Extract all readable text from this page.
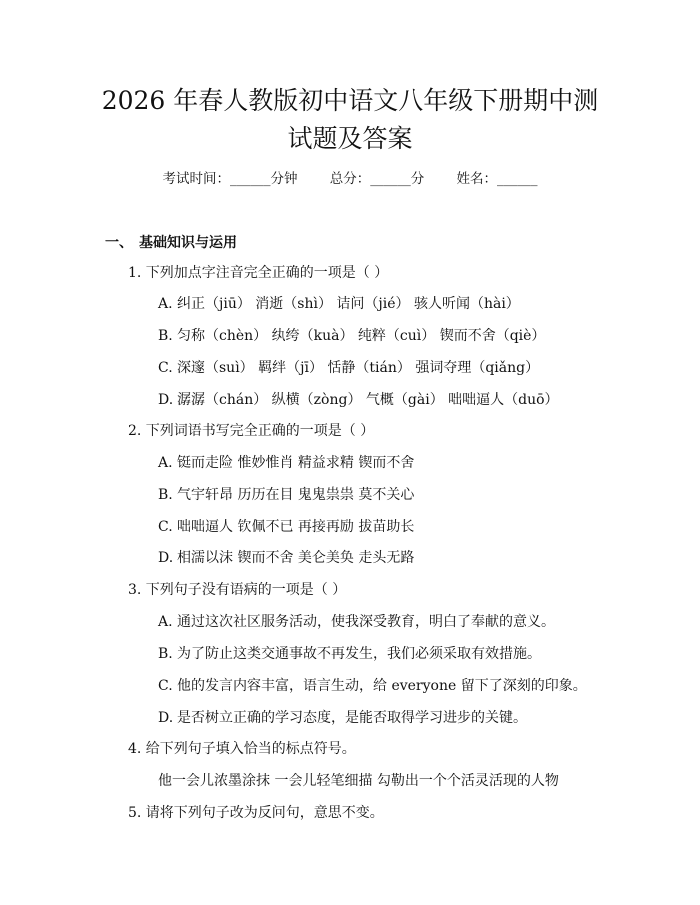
2026 年春人教版初中语文八年级下册期中测
试题及答案
考试时间：______分钟 总分：______分 姓名：______
一、 基础知识与运用
1. 下列加点字注音完全正确的一项是（ ）
A. 纠正（jiū） 消逝（shì） 诘问（jié） 骇人听闻（hài）
B. 匀称（chèn） 纨绔（kuà） 纯粹（cuì） 锲而不舍（qiè）
C. 深邃（suì） 羁绊（jī） 恬静（tián） 强词夺理（qiǎng）
D. 潺潺（chán） 纵横（zòng） 气概（gài） 咄咄逼人（duō）
2. 下列词语书写完全正确的一项是（ ）
A. 铤而走险 惟妙惟肖 精益求精 锲而不舍
B. 气宇轩昂 历历在目 鬼鬼祟祟 莫不关心
C. 咄咄逼人 钦佩不已 再接再励 拔苗助长
D. 相濡以沫 锲而不舍 美仑美奂 走头无路
3. 下列句子没有语病的一项是（ ）
A. 通过这次社区服务活动，使我深受教育，明白了奉献的意义。
B. 为了防止这类交通事故不再发生，我们必须采取有效措施。
C. 他的发言内容丰富，语言生动，给 everyone 留下了深刻的印象。
D. 是否树立正确的学习态度，是能否取得学习进步的关键。
4. 给下列句子填入恰当的标点符号。
他一会儿浓墨涂抹 一会儿轻笔细描 勾勒出一个个活灵活现的人物
5. 请将下列句子改为反问句，意思不变。
